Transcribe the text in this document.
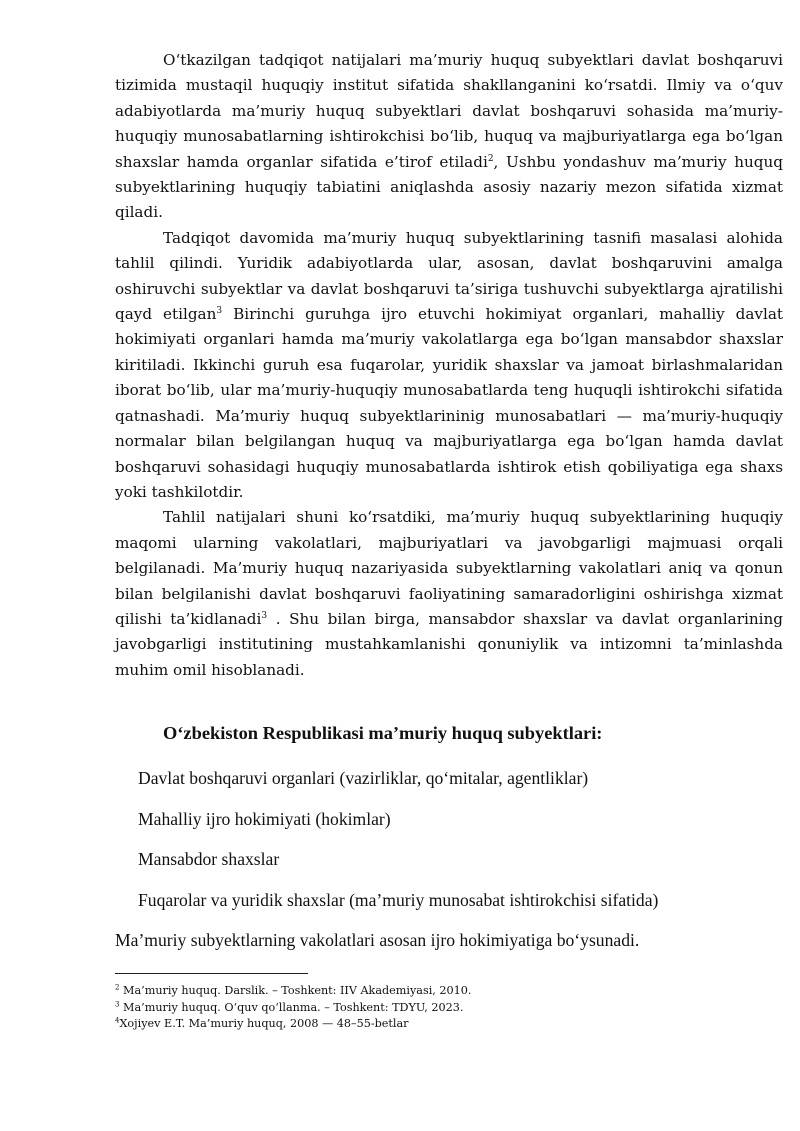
O‘tkazilgan tadqiqot natijalari ma’muriy huquq subyektlari davlat boshqaruvi tizimida mustaqil huquqiy institut sifatida shakllanganini ko‘rsatdi. Ilmiy va o‘quv adabiyotlarda ma’muriy huquq subyektlari davlat boshqaruvi sohasida ma’muriy-huquqiy munosabatlarning ishtirokchisi bo‘lib, huquq va majburiyatlarga ega bo‘lgan shaxslar hamda organlar sifatida e’tirof etiladi$^2$, Ushbu yondashuv ma’muriy huquq subyektlarining huquqiy tabiatini aniqlashda asosiy nazariy mezon sifatida xizmat qiladi.

Tadqiqot davomida ma’muriy huquq subyektlarining tasnifi masalasi alohida tahlil qilindi. Yuridik adabiyotlarda ular, asosan, davlat boshqaruvini amalga oshiruvchi subyektlar va davlat boshqaruvi ta’siriga tushuvchi subyektlarga ajratilishi qayd etilgan$^3$ Birinchi guruhga ijro etuvchi hokimiyat organlari, mahalliy davlat hokimiyati organlari hamda ma’muriy vakolatlarga ega bo‘lgan mansabdor shaxslar kiritiladi. Ikkinchi guruh esa fuqarolar, yuridik shaxslar va jamoat birlashmalaridan iborat bo‘lib, ular ma’muriy-huquqiy munosabatlarda teng huquqli ishtirokchi sifatida qatnashadi. Ma’muriy huquq subyektlarininig munosabatlari — ma’muriy-huquqiy normalar bilan belgilangan huquq va majburiyatlarga ega bo‘lgan hamda davlat boshqaruvi sohasidagi huquqiy munosabatlarda ishtirok etish qobiliyatiga ega shaxs yoki tashkilotdir.

Tahlil natijalari shuni ko‘rsatdiki, ma’muriy huquq subyektlarining huquqiy maqomi ularning vakolatlari, majburiyatlari va javobgarligi majmuasi orqali belgilanadi. Ma’muriy huquq nazariyasida subyektlarning vakolatlari aniq va qonun bilan belgilanishi davlat boshqaruvi faoliyatining samaradorligini oshirishga xizmat qilishi ta’kidlanadi$^3$ . Shu bilan birga, mansabdor shaxslar va davlat organlarining javobgarligi institutining mustahkamlanishi qonuniylik va intizomni ta’minlashda muhim omil hisoblanadi.

O‘zbekiston Respublikasi ma’muriy huquq subyektlari:
Davlat boshqaruvi organlari (vazirliklar, qo‘mitalar, agentliklar)
Mahalliy ijro hokimiyati (hokimlar)
Mansabdor shaxslar
Fuqarolar va yuridik shaxslar (ma’muriy munosabat ishtirokchisi sifatida)
Ma’muriy subyektlarning vakolatlari asosan ijro hokimiyatiga bo‘ysunadi.
$^2$ Ma’muriy huquq. Darslik. – Toshkent: IIV Akademiyasi, 2010.
$^3$ Ma’muriy huquq. O‘quv qo‘llanma. – Toshkent: TDYU, 2023.
$^4$Xojiyev E.T. Ma’muriy huquq, 2008 — 48–55-betlar
